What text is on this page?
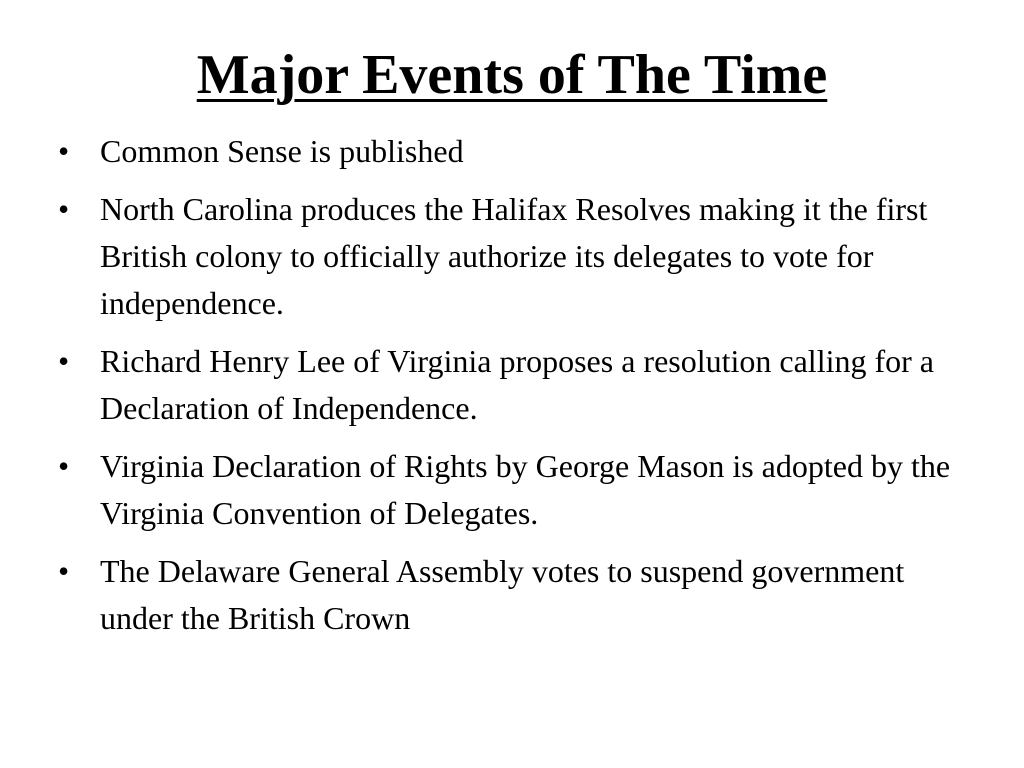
Major Events of The Time
• Common Sense is published
• North Carolina produces the Halifax Resolves making it the first British colony to officially authorize its delegates to vote for independence.
• Richard Henry Lee of Virginia proposes a resolution calling for a Declaration of Independence.
• Virginia Declaration of Rights by George Mason is adopted by the Virginia Convention of Delegates.
• The Delaware General Assembly votes to suspend government under the British Crown
